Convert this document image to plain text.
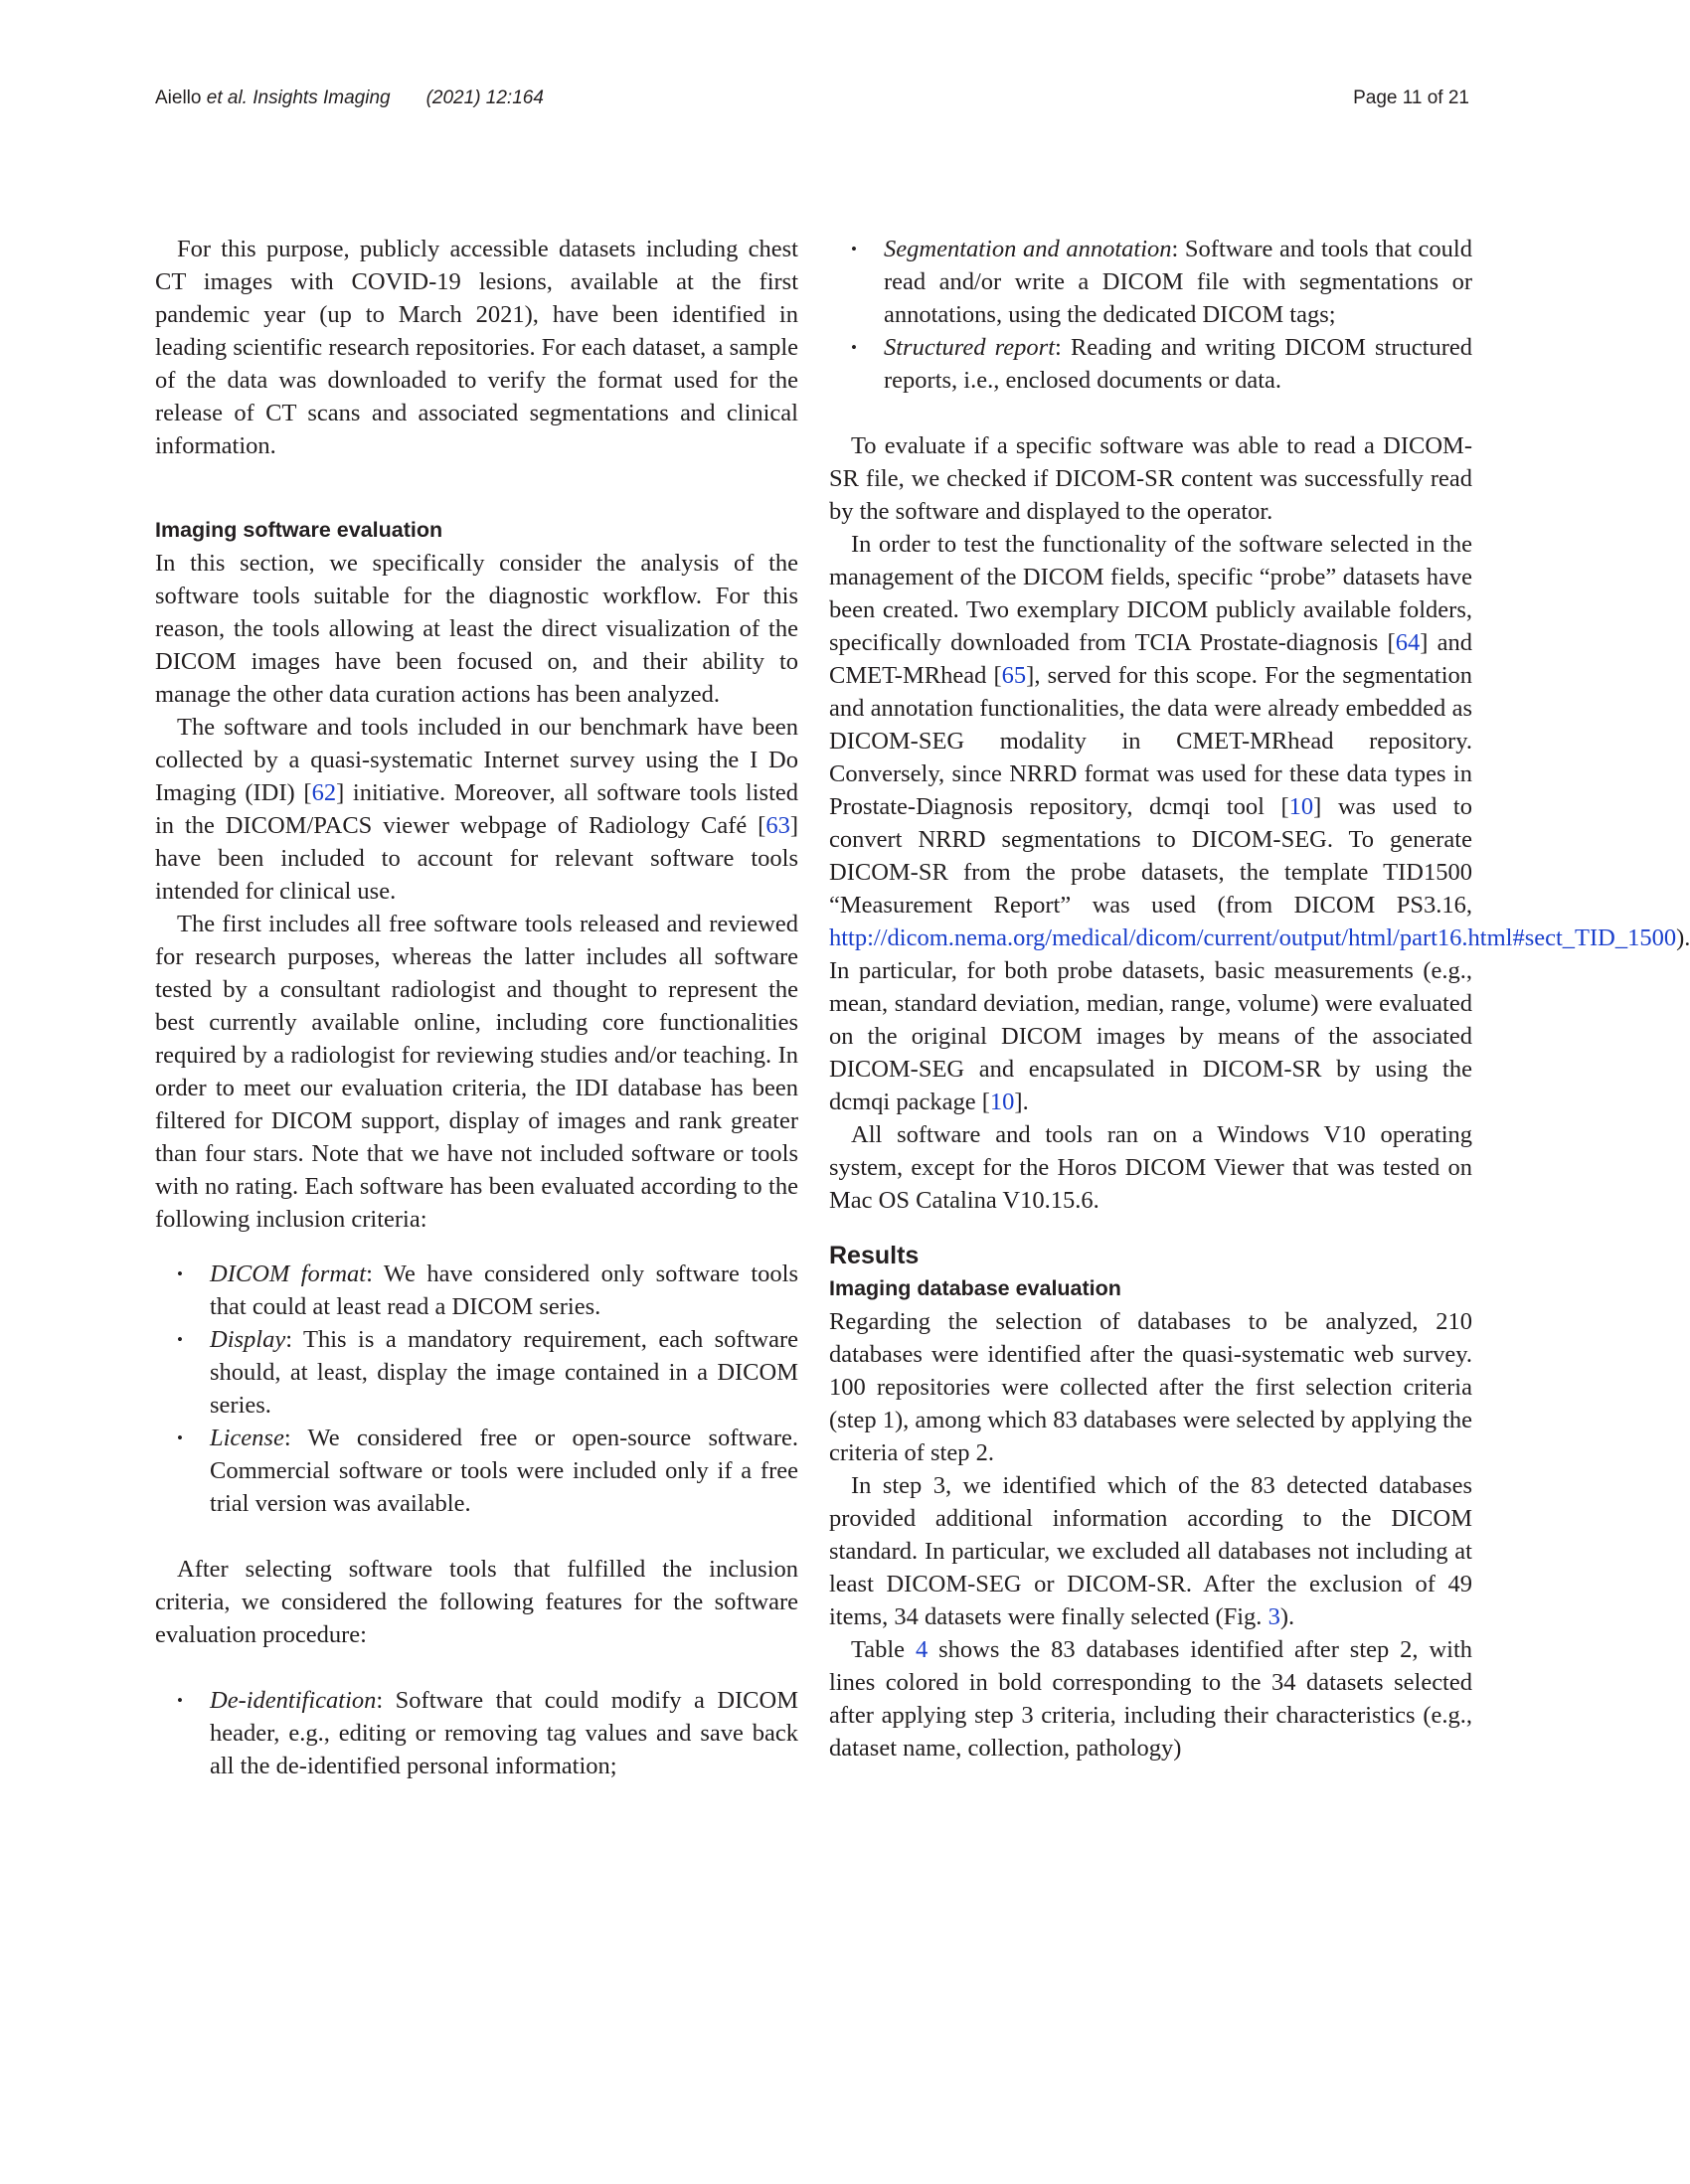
Aiello et al. Insights Imaging (2021) 12:164	Page 11 of 21

For this purpose, publicly accessible datasets including chest CT images with COVID-19 lesions, available at the first pandemic year (up to March 2021), have been identified in leading scientific research repositories. For each dataset, a sample of the data was downloaded to verify the format used for the release of CT scans and associated segmentations and clinical information.

Imaging software evaluation

In this section, we specifically consider the analysis of the software tools suitable for the diagnostic workflow. For this reason, the tools allowing at least the direct visualization of the DICOM images have been focused on, and their ability to manage the other data curation actions has been analyzed.

The software and tools included in our benchmark have been collected by a quasi-systematic Internet survey using the I Do Imaging (IDI) [62] initiative. Moreover, all software tools listed in the DICOM/PACS viewer webpage of Radiology Café [63] have been included to account for relevant software tools intended for clinical use.

The first includes all free software tools released and reviewed for research purposes, whereas the latter includes all software tested by a consultant radiologist and thought to represent the best currently available online, including core functionalities required by a radiologist for reviewing studies and/or teaching. In order to meet our evaluation criteria, the IDI database has been filtered for DICOM support, display of images and rank greater than four stars. Note that we have not included software or tools with no rating. Each software has been evaluated according to the following inclusion criteria:

• DICOM format: We have considered only software tools that could at least read a DICOM series.
• Display: This is a mandatory requirement, each software should, at least, display the image contained in a DICOM series.
• License: We considered free or open-source software. Commercial software or tools were included only if a free trial version was available.

After selecting software tools that fulfilled the inclusion criteria, we considered the following features for the software evaluation procedure:

• De-identification: Software that could modify a DICOM header, e.g., editing or removing tag values and save back all the de-identified personal information;
• Segmentation and annotation: Software and tools that could read and/or write a DICOM file with segmentations or annotations, using the dedicated DICOM tags;
• Structured report: Reading and writing DICOM structured reports, i.e., enclosed documents or data.

To evaluate if a specific software was able to read a DICOM-SR file, we checked if DICOM-SR content was successfully read by the software and displayed to the operator.

In order to test the functionality of the software selected in the management of the DICOM fields, specific “probe” datasets have been created. Two exemplary DICOM publicly available folders, specifically downloaded from TCIA Prostate-diagnosis [64] and CMET-MRhead [65], served for this scope. For the segmentation and annotation functionalities, the data were already embedded as DICOM-SEG modality in CMET-MRhead repository. Conversely, since NRRD format was used for these data types in Prostate-Diagnosis repository, dcmqi tool [10] was used to convert NRRD segmentations to DICOM-SEG. To generate DICOM-SR from the probe datasets, the template TID1500 “Measurement Report” was used (from DICOM PS3.16, http://dicom.nema.org/medical/dicom/current/output/html/part16.html#sect_TID_1500). In particular, for both probe datasets, basic measurements (e.g., mean, standard deviation, median, range, volume) were evaluated on the original DICOM images by means of the associated DICOM-SEG and encapsulated in DICOM-SR by using the dcmqi package [10].

All software and tools ran on a Windows V10 operating system, except for the Horos DICOM Viewer that was tested on Mac OS Catalina V10.15.6.

Results
Imaging database evaluation

Regarding the selection of databases to be analyzed, 210 databases were identified after the quasi-systematic web survey. 100 repositories were collected after the first selection criteria (step 1), among which 83 databases were selected by applying the criteria of step 2.

In step 3, we identified which of the 83 detected databases provided additional information according to the DICOM standard. In particular, we excluded all databases not including at least DICOM-SEG or DICOM-SR. After the exclusion of 49 items, 34 datasets were finally selected (Fig. 3).

Table 4 shows the 83 databases identified after step 2, with lines colored in bold corresponding to the 34 datasets selected after applying step 3 criteria, including their characteristics (e.g., dataset name, collection, pathology)
